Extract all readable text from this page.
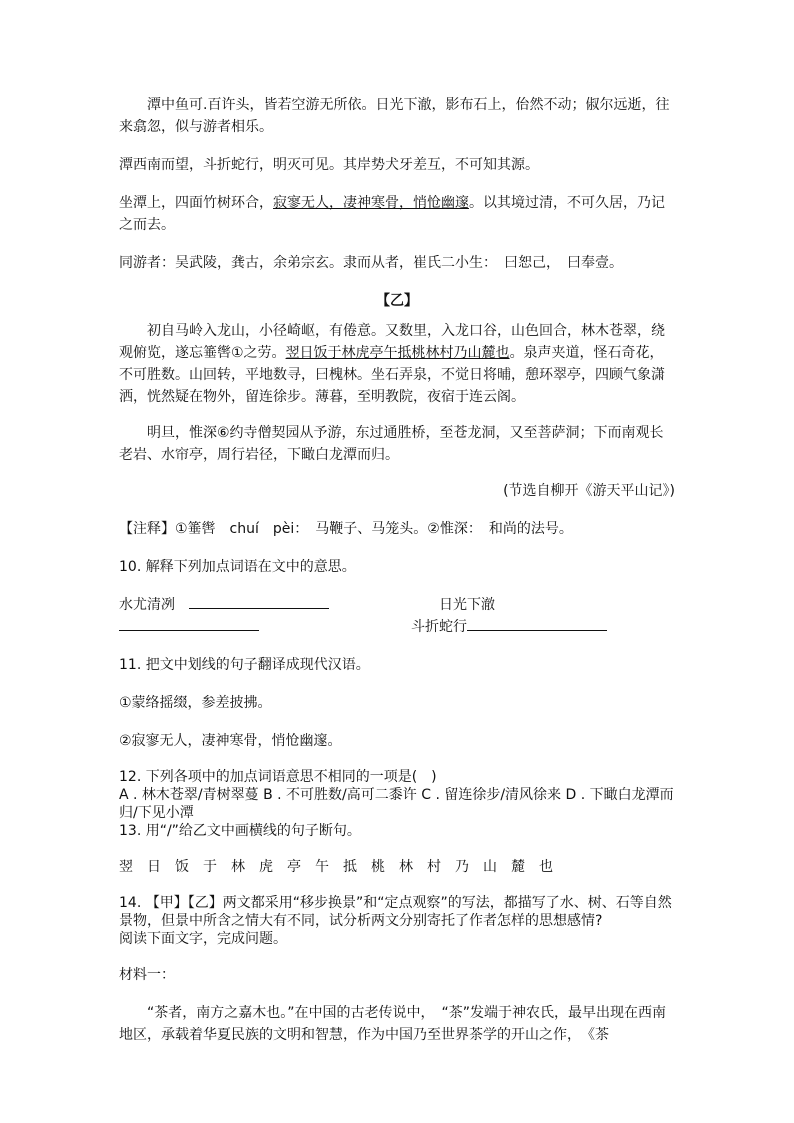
潭中鱼可.百许头，皆若空游无所依。日光下澈，影布石上，佁然不动；俶尔远逝，往来翕忽，似与游者相乐。

潭西南而望，斗折蛇行，明灭可见。其岸势犬牙差互，不可知其源。

坐潭上，四面竹树环合，寂寥无人，凄神寒骨，悄怆幽邃。以其境过清，不可久居，乃记之而去。

同游者：吴武陵，龚古，余弟宗玄。隶而从者，崔氏二小生：　曰恕己，　曰奉壹。

【乙】

初自马岭入龙山，小径崎岖，有倦意。又数里，入龙口谷，山色回合，林木苍翠，绕观俯览，遂忘箠辔①之劳。翌日饭于林虎亭午抵桃林村乃山麓也。泉声夹道，怪石奇花，不可胜数。山回转，平地数寻，曰槐林。坐石弄泉，不觉日将晡，憩环翠亭，四顾气象潇洒，恍然疑在物外，留连徐步。薄暮，至明教院，夜宿于连云阁。

明旦，惟深⑥约寺僧契园从予游，东过通胜桥，至苍龙洞，又至菩萨洞；下而南观长老岩、水帘亭，周行岩径，下瞰白龙潭而归。

(节选自柳开《游天平山记》)

【注释】①箠辔　chuí　pèi：　马鞭子、马笼头。②惟深：　和尚的法号。

10. 解释下列加点词语在文中的意思。

水尤清冽　	日光下澈

斗折蛇行

11. 把文中划线的句子翻译成现代汉语。

①蒙络摇缀，参差披拂。

②寂寥无人，凄神寒骨，悄怆幽邃。

12. 下列各项中的加点词语意思不相同的一项是(　)

A . 林木苍翠/青树翠蔓 B . 不可胜数/高可二黍许 C . 留连徐步/清风徐来 D . 下瞰白龙潭而归/下见小潭

13. 用“/”给乙文中画横线的句子断句。

翌日饭于林虎亭午抵桃林村乃山麓也

14. 【甲】【乙】两文都采用“移步换景”和“定点观察”的写法，都描写了水、树、石等自然景物，但景中所含之情大有不同，试分析两文分别寄托了作者怎样的思想感情?

阅读下面文字，完成问题。

材料一：

“茶者，南方之嘉木也。”在中国的古老传说中，　“茶”发端于神农氏，最早出现在西南地区，承载着华夏民族的文明和智慧，作为中国乃至世界茶学的开山之作，　《茶
